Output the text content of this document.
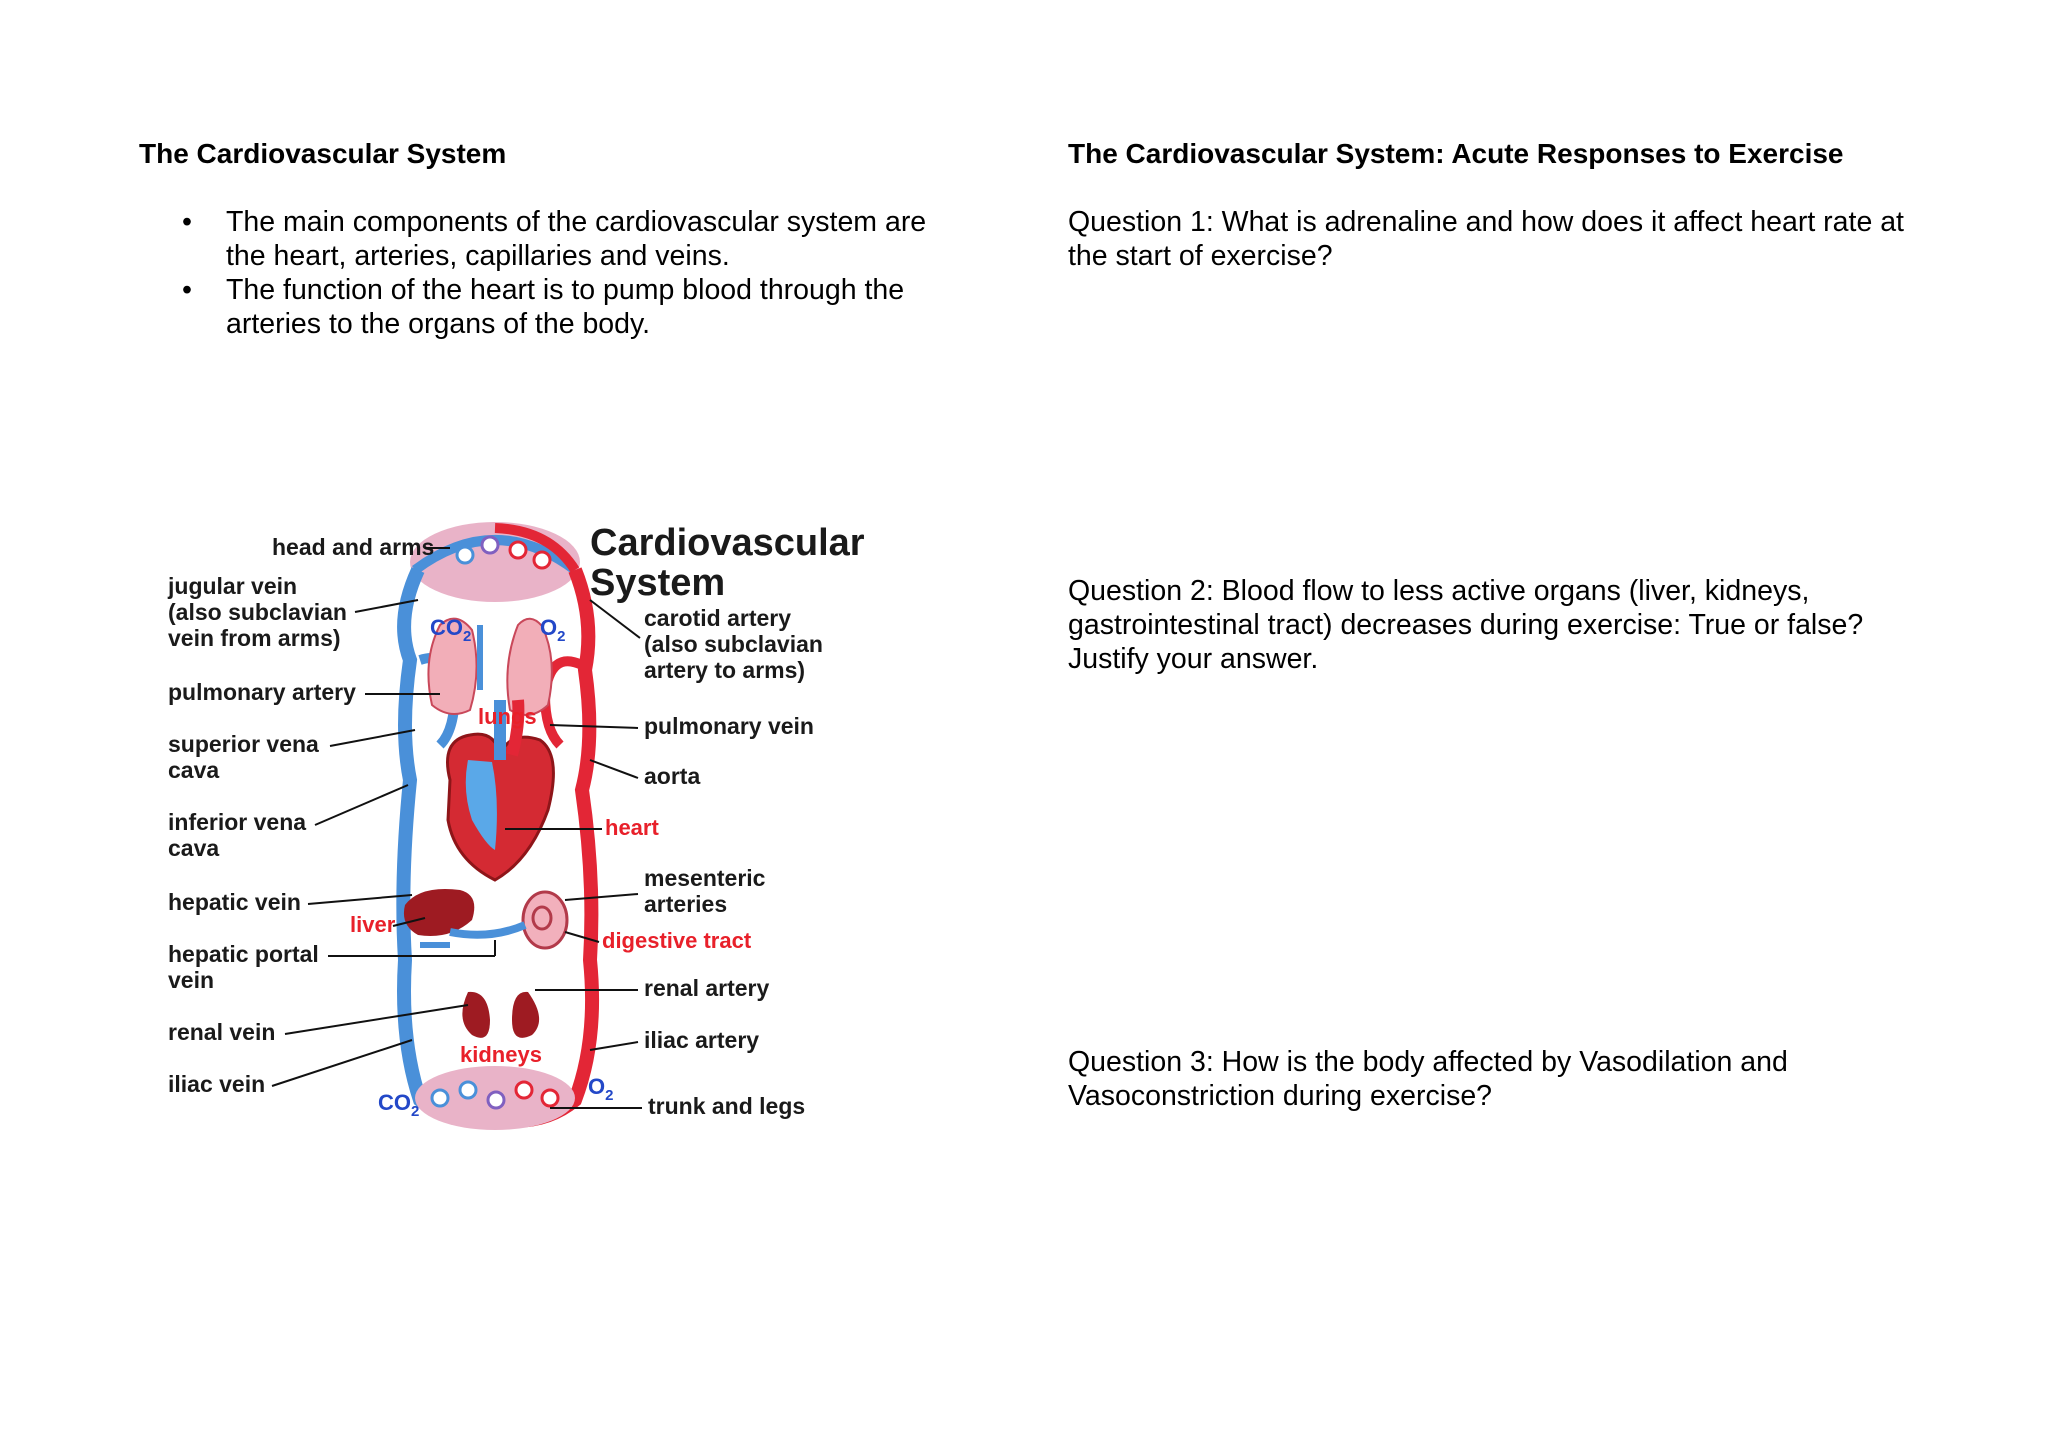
The Cardiovascular System
• The main components of the cardiovascular system are the heart, arteries, capillaries and veins.
• The function of the heart is to pump blood through the arteries to the organs of the body.
The Cardiovascular System: Acute Responses to Exercise

Question 1: What is adrenaline and how does it affect heart rate at the start of exercise?

Question 2: Blood flow to less active organs (liver, kidneys, gastrointestinal tract) decreases during exercise: True or false? Justify your answer.

Question 3: How is the body affected by Vasodilation and Vasoconstriction during exercise?

Cardiovascular
System
head and arms
jugular vein
(also subclavian
vein from arms)
pulmonary artery
superior vena
cava
inferior vena
cava
hepatic vein
hepatic portal
vein
renal vein
iliac vein
carotid artery
(also subclavian
artery to arms)
pulmonary vein
aorta
mesenteric
arteries
renal artery
iliac artery
trunk and legs
lungs
heart
liver
digestive tract
kidneys
$CO_2$	$O_2$
$CO_2$
$O_2$
